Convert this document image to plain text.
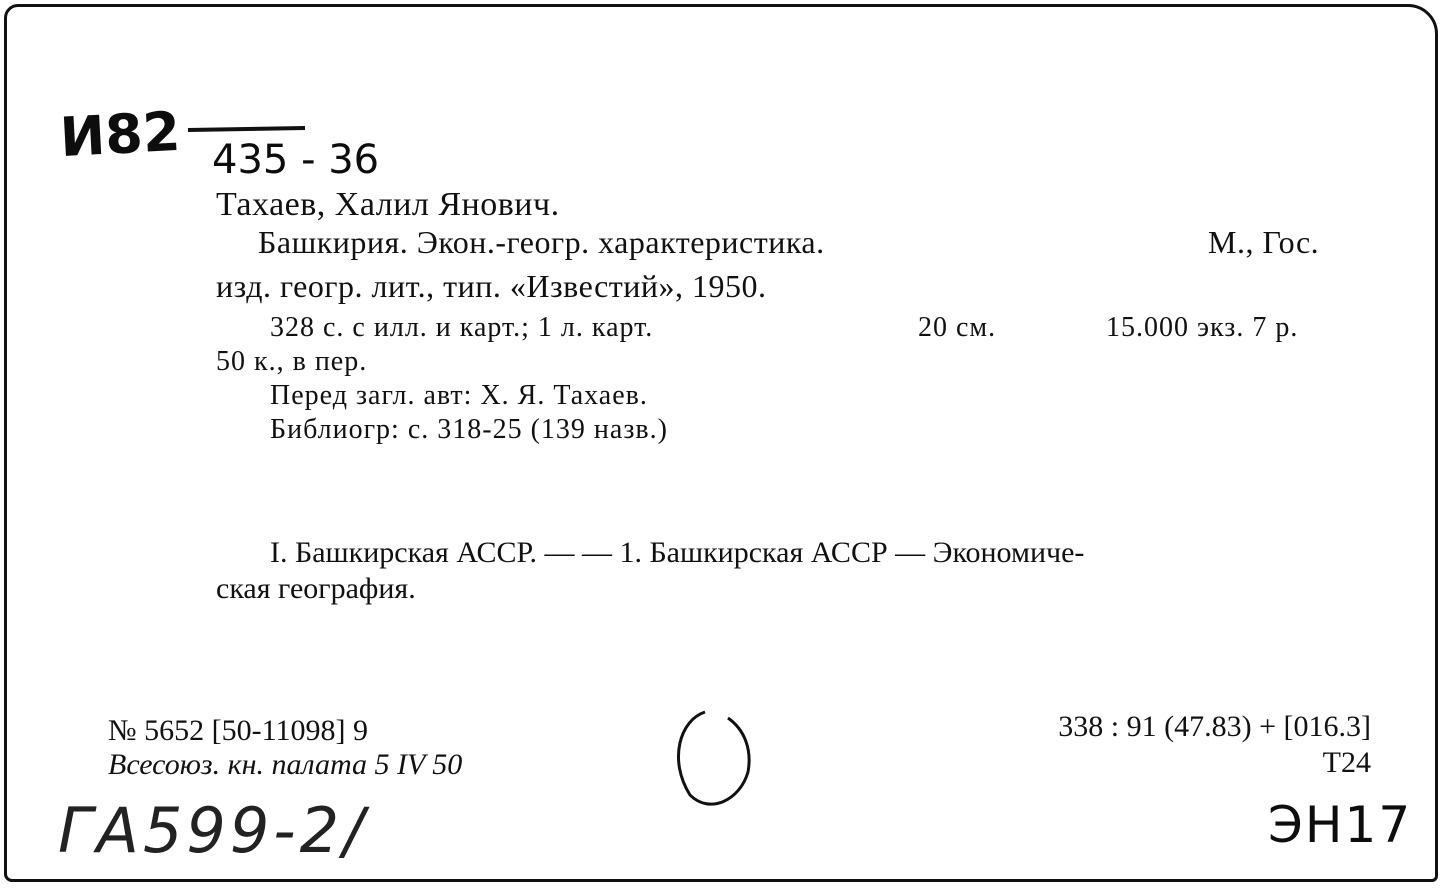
И82 435 - 36
Тахаев, Халил Янович.
Башкирия. Экон.-геогр. характеристика.	М., Гос.
изд. геогр. лит., тип. «Известий», 1950.
328 с. с илл. и карт.; 1 л. карт.	20 см.	15.000 экз. 7 р.
50 к., в пер.
Перед загл. авт: Х. Я. Тахаев.
Библиогр: с. 318-25 (139 назв.)
I. Башкирская АССР. — — 1. Башкирская АССР — Экономиче-
ская география.
№ 5652 [50-11098] 9
Всесоюз. кн. палата 5 IV 50
338 : 91 (47.83) + [016.3]
Т24
ГА599-2/	ЭН17
